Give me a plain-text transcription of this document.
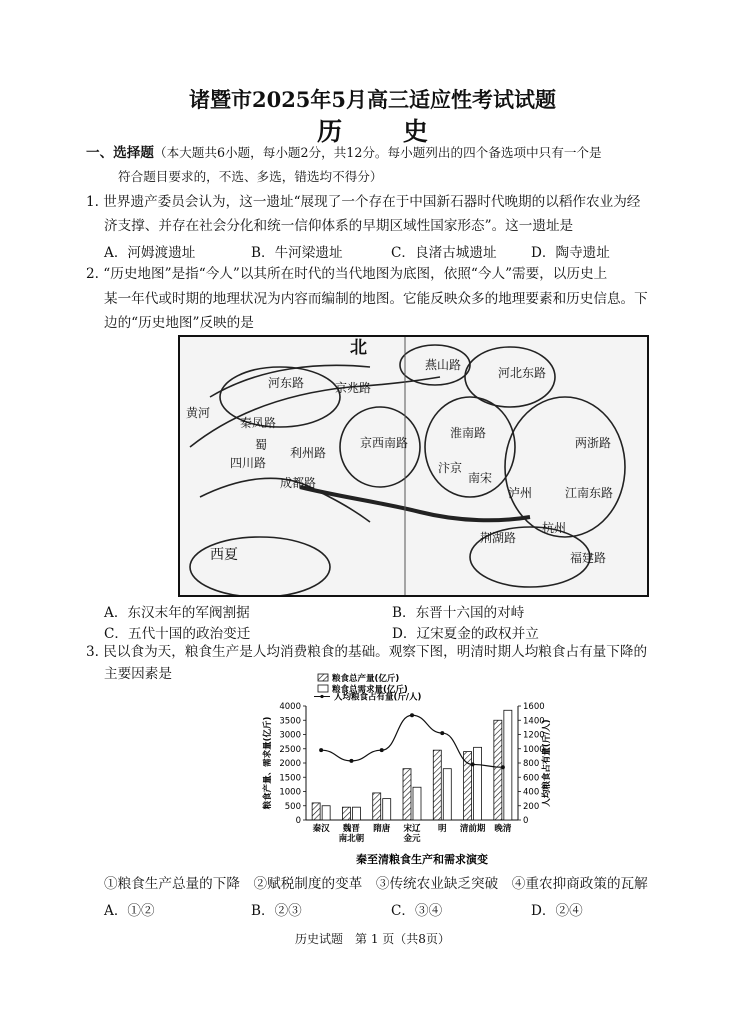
诸暨市2025年5月高三适应性考试试题
历 史
一、选择题（本大题共6小题，每小题2分，共12分。每小题列出的四个备选项中只有一个是
符合题目要求的，不选、多选，错选均不得分）
1. 世界遗产委员会认为，这一遗址“展现了一个存在于中国新石器时代晚期的以稻作农业为经
济支撑、并存在社会分化和统一信仰体系的早期区域性国家形态”。这一遗址是
A．河姆渡遗址	B．牛河梁遗址	C．良渚古城遗址	D．陶寺遗址
2. “历史地图”是指“今人”以其所在时代的当代地图为底图，依照“今人”需要，以历史上
某一年代或时期的地理状况为内容而编制的地图。它能反映众多的地理要素和历史信息。下
边的“历史地图”反映的是
北
黄河
燕山路
河北东路
京兆路
河东路
秦凤路
利州路
四川路
成都路
京西南路
淮南路
两浙路
福建路
荆湖路
江南东路
南宋
杭州
泸州
汴京
蜀
西夏
A．东汉末年的军阀割据	B．东晋十六国的对峙
C．五代十国的政治变迁	D．辽宋夏金的政权并立
3. 民以食为天，粮食生产是人均消费粮食的基础。观察下图，明清时期人均粮食占有量下降的
主要因素是	粮食总产量(亿斤)
粮食总需求量(亿斤)
人均粮食占有量(斤/人)
0
500
1000
1500
2000
2500
3000
3500
4000
0
200
400
600
800
1000
1200
1400
1600
粮食产量、需求量(亿斤)	人均粮食占有量(斤/人)
秦汉 魏晋
南北朝
隋唐 宋辽
金元
明 清前期 晚清
秦至清粮食生产和需求演变
①粮食生产总量的下降　②赋税制度的变革　③传统农业缺乏突破　④重农抑商政策的瓦解
A．①②	B．②③	C．③④	D．②④
历史试题　第 1 页（共8页）
